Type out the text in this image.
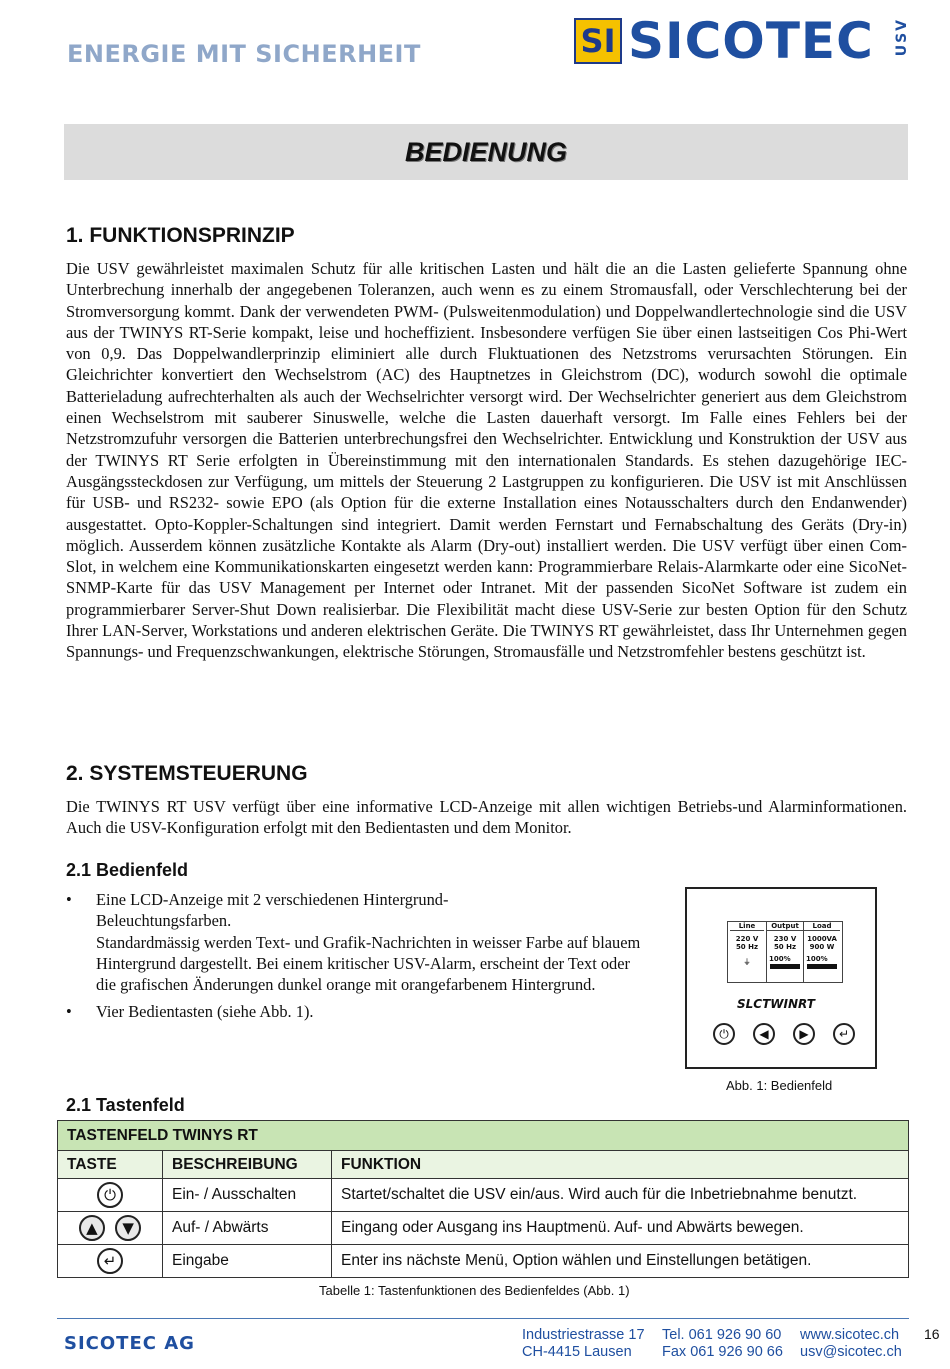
ENERGIE MIT SICHERHEIT	SI SICOTEC USV
BEDIENUNG
1. FUNKTIONSPRINZIP
Die USV gewährleistet maximalen Schutz für alle kritischen Lasten und hält die an die Lasten gelieferte Spannung ohne Unterbrechung innerhalb der angegebenen Toleranzen, auch wenn es zu einem Stromausfall, oder Verschlechterung bei der Stromversorgung kommt. Dank der verwendeten PWM- (Pulsweitenmodulation) und Doppelwandlertechnologie sind die USV aus der TWINYS RT-Serie kompakt, leise und hocheffizient. Insbesondere verfügen Sie über einen lastseitigen Cos Phi-Wert von 0,9. Das Doppelwandlerprinzip eliminiert alle durch Fluktuationen des Netzstroms verursachten Störungen. Ein Gleichrichter konvertiert den Wechselstrom (AC) des Hauptnetzes in Gleichstrom (DC), wodurch sowohl die optimale Batterieladung aufrechterhalten als auch der Wechselrichter versorgt wird. Der Wechselrichter generiert aus dem Gleichstrom einen Wechselstrom mit sauberer Sinuswelle, welche die Lasten dauerhaft versorgt. Im Falle eines Fehlers bei der Netzstromzufuhr versorgen die Batterien unterbrechungsfrei den Wechselrichter. Entwicklung und Konstruktion der USV aus der TWINYS RT Serie erfolgten in Übereinstimmung mit den internationalen Standards. Es stehen dazugehörige IEC-Ausgängssteckdosen zur Verfügung, um mittels der Steuerung 2 Lastgruppen zu konfigurieren. Die USV ist mit Anschlüssen für USB- und RS232- sowie EPO (als Option für die externe Installation eines Notausschalters durch den Endanwender) ausgestattet. Opto-Koppler-Schaltungen sind integriert. Damit werden Fernstart und Fernabschaltung des Geräts (Dry-in) möglich. Ausserdem können zusätzliche Kontakte als Alarm (Dry-out) installiert werden. Die USV verfügt über einen Com-Slot, in welchem eine Kommunikationskarten eingesetzt werden kann: Programmierbare Relais-Alarmkarte oder eine SicoNet-SNMP-Karte für das USV Management per Internet oder Intranet. Mit der passenden SicoNet Software ist zudem ein programmierbarer Server-Shut Down realisierbar. Die Flexibilität macht diese USV-Serie zur besten Option für den Schutz Ihrer LAN-Server, Workstations und anderen elektrischen Geräte. Die TWINYS RT gewährleistet, dass Ihr Unternehmen gegen Spannungs- und Frequenzschwankungen, elektrische Störungen, Stromausfälle und Netzstromfehler bestens geschützt ist.
2. SYSTEMSTEUERUNG
Die TWINYS RT USV verfügt über eine informative LCD-Anzeige mit allen wichtigen Betriebs-und Alarminformationen. Auch die USV-Konfiguration erfolgt mit den Bedientasten und dem Monitor.
2.1 Bedienfeld
• Eine LCD-Anzeige mit 2 verschiedenen Hintergrund-Beleuchtungsfarben.
Standardmässig werden Text- und Grafik-Nachrichten in weisser Farbe auf blauem Hintergrund dargestellt. Bei einem kritischer USV-Alarm, erscheint der Text oder die grafischen Änderungen dunkel orange mit orangefarbenem Hintergrund.
• Vier Bedientasten (siehe Abb. 1).
Line
220 V
50 Hz
⏚
Output
230 V
50 Hz
100%
Load
1000VA
900 W
100%
SLCTWINRT
⏻	◀	▶	↵
Abb. 1: Bedienfeld
2.1 Tastenfeld
TASTENFELD TWINYS RT		
TASTE	BESCHREIBUNG	FUNKTION
⏻	Ein- / Ausschalten	Startet/schaltet die USV ein/aus. Wird auch für die Inbetriebnahme benutzt.
▲ ▼	Auf- / Abwärts	Eingang oder Ausgang ins Hauptmenü. Auf- und Abwärts bewegen.
↵	Eingabe	Enter ins nächste Menü, Option wählen und Einstellungen betätigen.
Tabelle 1: Tastenfunktionen des Bedienfeldes (Abb. 1)
SICOTEC AG	Industriestrasse 17
CH-4415 Lausen
Tel. 061 926 90 60
Fax 061 926 90 66
www.sicotec.ch
usv@sicotec.ch
16
